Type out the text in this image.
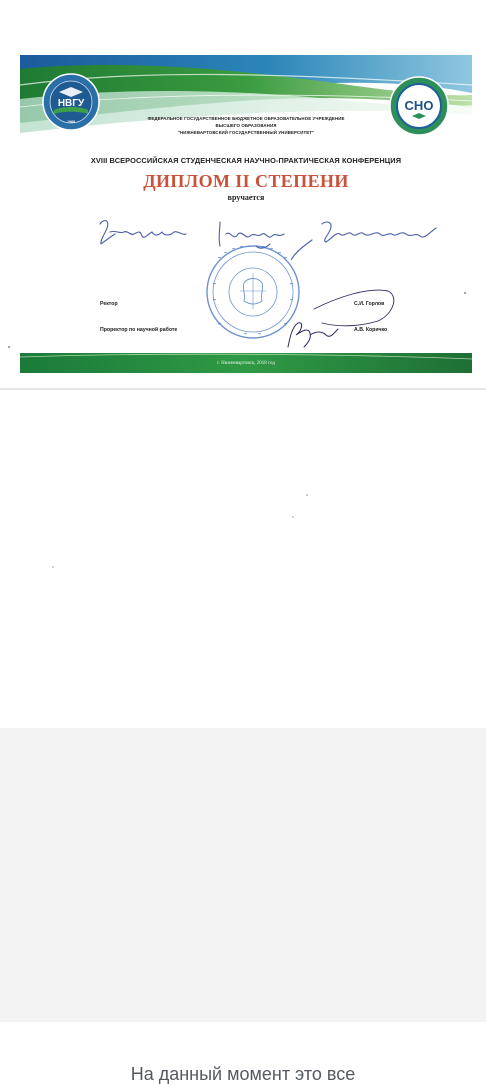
НВГУ
1988
СНО
ФЕДЕРАЛЬНОЕ ГОСУДАРСТВЕННОЕ БЮДЖЕТНОЕ ОБРАЗОВАТЕЛЬНОЕ УЧРЕЖДЕНИЕ
ВЫСШЕГО ОБРАЗОВАНИЯ
"НИЖНЕВАРТОВСКИЙ ГОСУДАРСТВЕННЫЙ УНИВЕРСИТЕТ"
XVIII ВСЕРОССИЙСКАЯ СТУДЕНЧЕСКАЯ НАУЧНО-ПРАКТИЧЕСКАЯ КОНФЕРЕНЦИЯ
ДИПЛОМ II СТЕПЕНИ
вручается
Ректор	С.И. Горлов
Проректор по научной работе	А.В. Коричко
г. Нижневартовск, 2018 год
На данный момент это все
